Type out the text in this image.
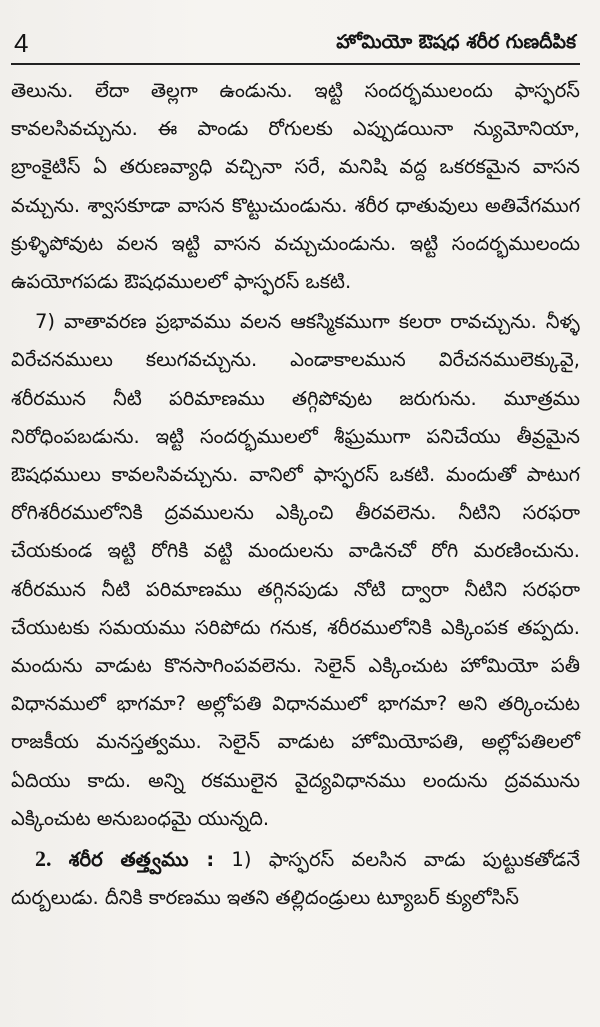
4	హోమియో ఔషధ శరీర గుణదీపిక

తెలును. లేదా తెల్లగా ఉండును. ఇట్టి సందర్భములందు ఫాస్ఫరస్ కావలసివచ్చును. ఈ పాండు రోగులకు ఎప్పుడయినా న్యుమోనియా, బ్రాంకైటిస్ ఏ తరుణవ్యాధి వచ్చినా సరే, మనిషి వద్ద ఒకరకమైన వాసన వచ్చును. శ్వాసకూడా వాసన కొట్టుచుండును. శరీర ధాతువులు అతివేగముగ క్రుళ్ళిపోవుట వలన ఇట్టి వాసన వచ్చుచుండును. ఇట్టి సందర్భములందు ఉపయోగపడు ఔషధములలో ఫాస్ఫరస్ ఒకటి.

7) వాతావరణ ప్రభావము వలన ఆకస్మికముగా కలరా రావచ్చును. నీళ్ళ విరేచనములు కలుగవచ్చును. ఎండాకాలమున విరేచనములెక్కువై, శరీరమున నీటి పరిమాణము తగ్గిపోవుట జరుగును. మూత్రము నిరోధింపబడును. ఇట్టి సందర్భములలో శీఘ్రముగా పనిచేయు తీవ్రమైన ఔషధములు కావలసివచ్చును. వానిలో ఫాస్ఫరస్ ఒకటి. మందుతో పాటుగ రోగిశరీరములోనికి ద్రవములను ఎక్కించి తీరవలెను. నీటిని సరఫరా చేయకుండ ఇట్టి రోగికి వట్టి మందులను వాడినచో రోగి మరణించును. శరీరమున నీటి పరిమాణము తగ్గినపుడు నోటి ద్వారా నీటిని సరఫరా చేయుటకు సమయము సరిపోదు గనుక, శరీరములోనికి ఎక్కింపక తప్పదు. మందును వాడుట కొనసాగింపవలెను. సెలైన్ ఎక్కించుట హోమియో పతీ విధానములో భాగమా? అల్లోపతి విధానములో భాగమా? అని తర్కించుట రాజకీయ మనస్తత్వము. సెలైన్ వాడుట హోమియోపతి, అల్లోపతిలలో ఏదియు కాదు. అన్ని రకములైన వైద్యవిధానము లందును ద్రవమును ఎక్కించుట అనుబంధమై యున్నది.

2. శరీర తత్త్వము : 1) ఫాస్ఫరస్ వలసిన వాడు పుట్టుకతోడనే దుర్బలుడు. దీనికి కారణము ఇతని తల్లిదండ్రులు ట్యూబర్ క్యులోసిస్
